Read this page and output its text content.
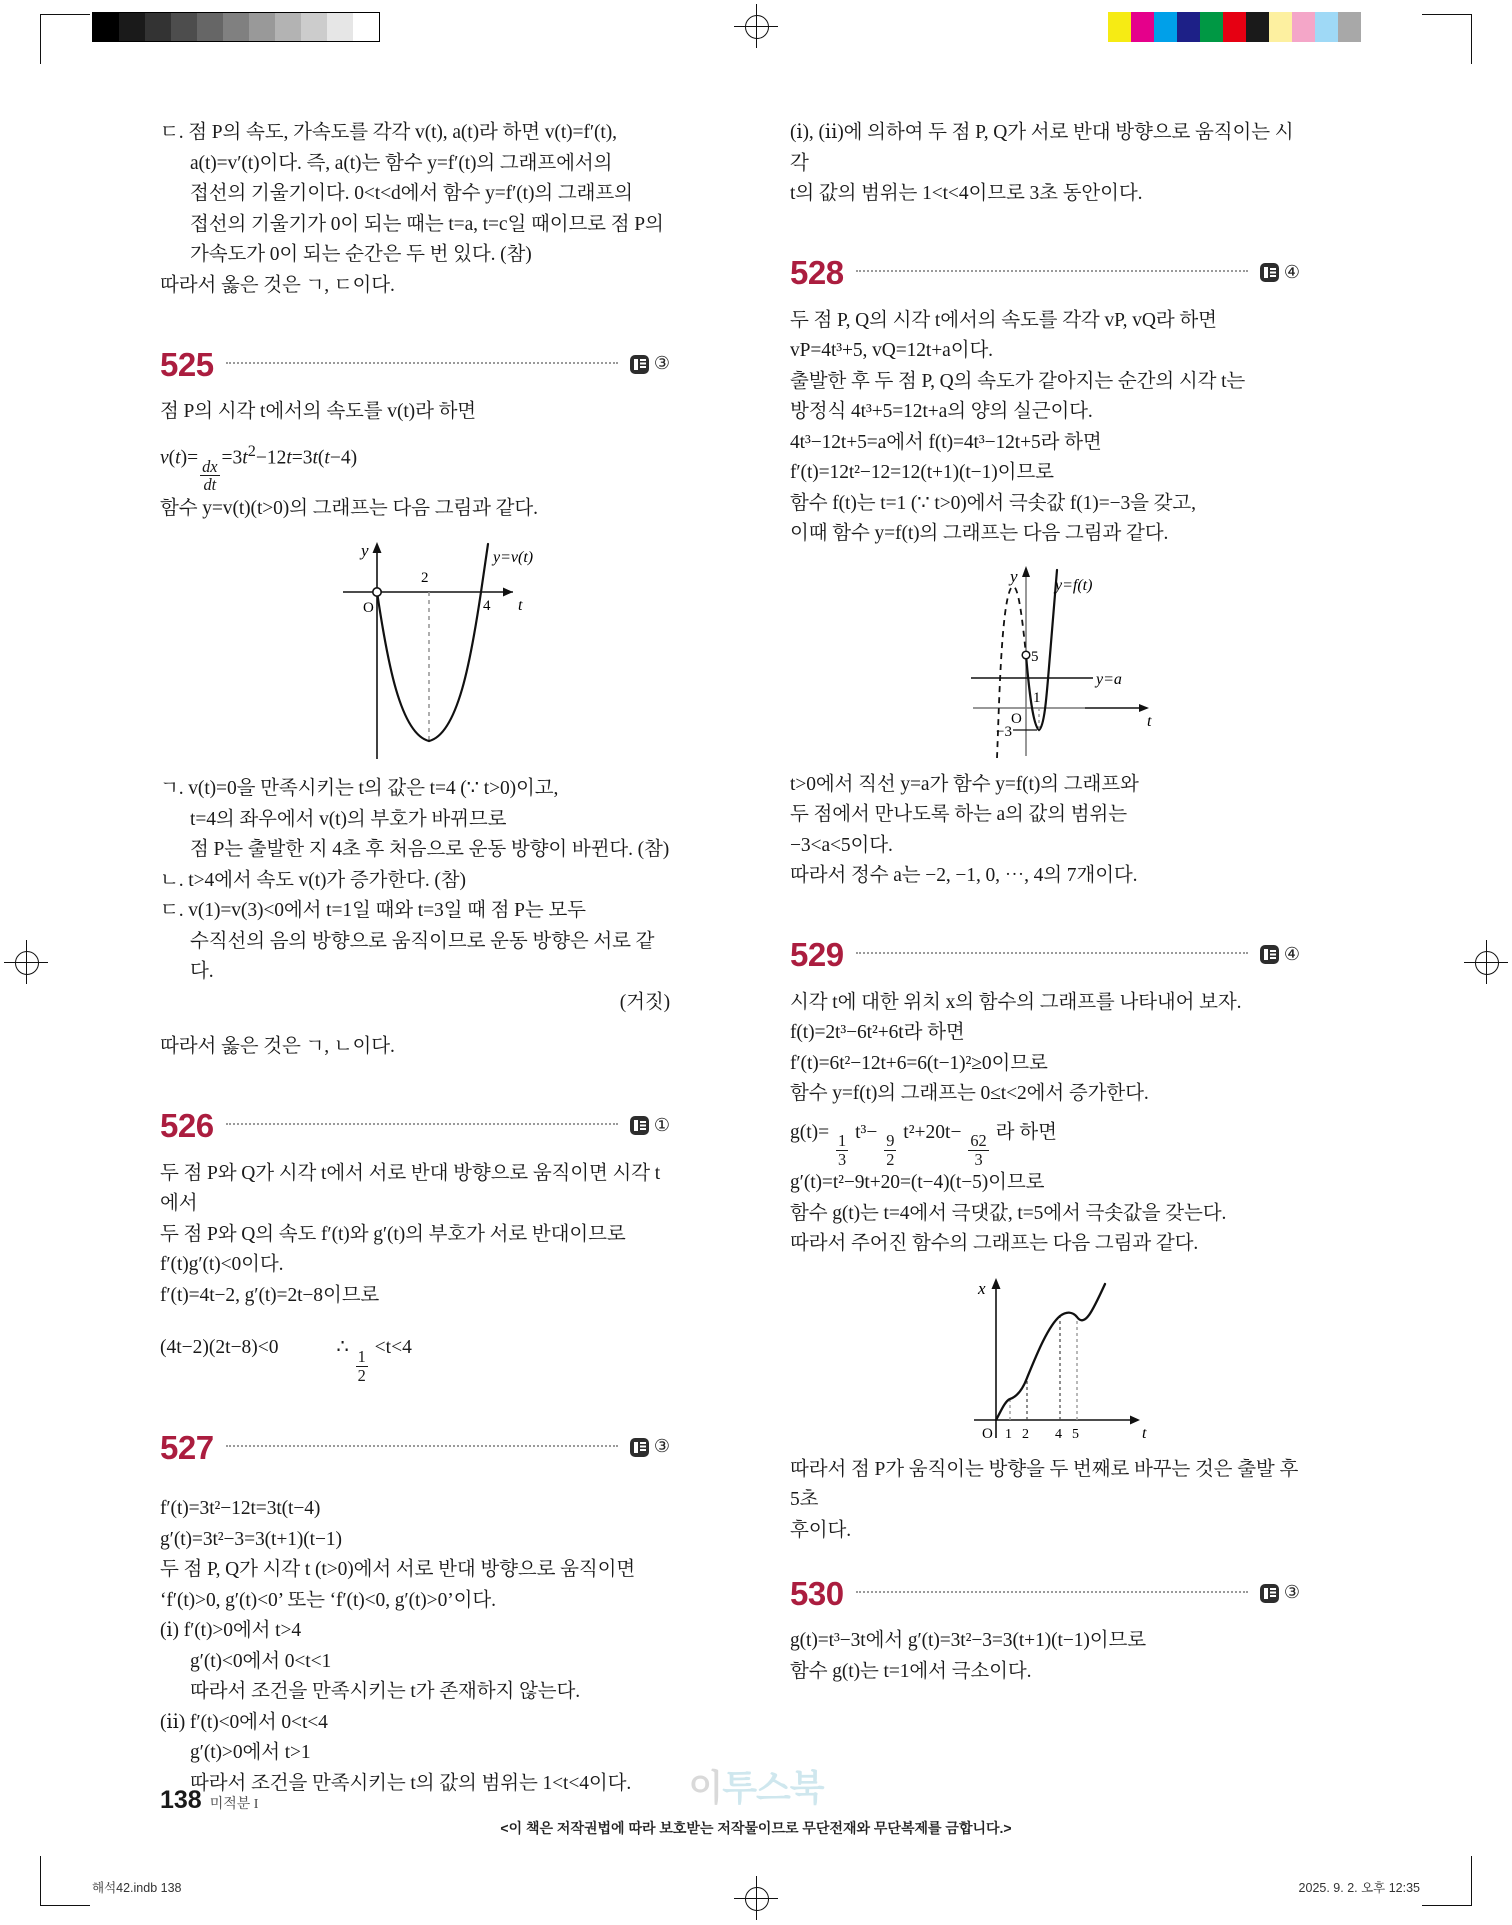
ㄷ. 점 P의 속도, 가속도를 각각 v(t), a(t)라 하면 v(t)=f′(t),
a(t)=v′(t)이다. 즉, a(t)는 함수 y=f′(t)의 그래프에서의
접선의 기울기이다. 0<t<d에서 함수 y=f′(t)의 그래프의
접선의 기울기가 0이 되는 때는 t=a, t=c일 때이므로 점 P의
가속도가 0이 되는 순간은 두 번 있다. (참)
따라서 옳은 것은 ㄱ, ㄷ이다.
525	③
점 P의 시각 t에서의 속도를 v(t)라 하면
v(t)=
$\frac{dx}{dt}$
$=3t^2-12t=3t(t-4)$
함수 y=v(t)(t>0)의 그래프는 다음 그림과 같다.
O
2
4 t
y	y=v(t)
ㄱ. v(t)=0을 만족시키는 t의 값은 t=4 (∵ t>0)이고,
t=4의 좌우에서 v(t)의 부호가 바뀌므로
점 P는 출발한 지 4초 후 처음으로 운동 방향이 바뀐다. (참)
ㄴ. t>4에서 속도 v(t)가 증가한다. (참)
ㄷ. v(1)=v(3)<0에서 t=1일 때와 t=3일 때 점 P는 모두
수직선의 음의 방향으로 움직이므로 운동 방향은 서로 같다.
(거짓)
따라서 옳은 것은 ㄱ, ㄴ이다.
526	①
두 점 P와 Q가 시각 t에서 서로 반대 방향으로 움직이면 시각 t에서
두 점 P와 Q의 속도 f′(t)와 g′(t)의 부호가 서로 반대이므로
f′(t)g′(t)<0이다.
f′(t)=4t−2, g′(t)=2t−8이므로
(4t−2)(2t−8)<0	∴
$\frac{1}{2}$
<t<4
527	③
f′(t)=3t²−12t=3t(t−4)
g′(t)=3t²−3=3(t+1)(t−1)
두 점 P, Q가 시각 t (t>0)에서 서로 반대 방향으로 움직이면
‘f′(t)>0, g′(t)<0’ 또는 ‘f′(t)<0, g′(t)>0’이다.
(ⅰ) f′(t)>0에서 t>4
g′(t)<0에서 0<t<1
따라서 조건을 만족시키는 t가 존재하지 않는다.
(ⅱ) f′(t)<0에서 0<t<4
g′(t)>0에서 t>1
따라서 조건을 만족시키는 t의 값의 범위는 1<t<4이다.
(ⅰ), (ⅱ)에 의하여 두 점 P, Q가 서로 반대 방향으로 움직이는 시각
t의 값의 범위는 1<t<4이므로 3초 동안이다.
528	④
두 점 P, Q의 시각 t에서의 속도를 각각 vP, vQ라 하면
vP=4t³+5, vQ=12t+a이다.
출발한 후 두 점 P, Q의 속도가 같아지는 순간의 시각 t는
방정식 4t³+5=12t+a의 양의 실근이다.
4t³−12t+5=a에서 f(t)=4t³−12t+5라 하면
f′(t)=12t²−12=12(t+1)(t−1)이므로
함수 f(t)는 t=1 (∵ t>0)에서 극솟값 f(1)=−3을 갖고,
이때 함수 y=f(t)의 그래프는 다음 그림과 같다.
5
1
−3

y=a
y=f(t)

O	t
y
t>0에서 직선 y=a가 함수 y=f(t)의 그래프와
두 점에서 만나도록 하는 a의 값의 범위는
−3<a<5이다.
따라서 정수 a는 −2, −1, 0, ⋯, 4의 7개이다.
529	④
시각 t에 대한 위치 x의 함수의 그래프를 나타내어 보자.
f(t)=2t³−6t²+6t라 하면
f′(t)=6t²−12t+6=6(t−1)²≥0이므로
함수 y=f(t)의 그래프는 0≤t<2에서 증가한다.
g(t)=
$\frac{1}{3}$
t³−
$\frac{9}{2}$
t²+20t−
$\frac{62}{3}$
라 하면
g′(t)=t²−9t+20=(t−4)(t−5)이므로
함수 g(t)는 t=4에서 극댓값, t=5에서 극솟값을 갖는다.
따라서 주어진 함수의 그래프는 다음 그림과 같다.
O 1 2 4 5	t
x
따라서 점 P가 움직이는 방향을 두 번째로 바꾸는 것은 출발 후 5초
후이다.
530	③
g(t)=t³−3t에서 g′(t)=3t²−3=3(t+1)(t−1)이므로
함수 g(t)는 t=1에서 극소이다.
138 미적분 I	이투스북
<이 책은 저작권법에 따라 보호받는 저작물이므로 무단전재와 무단복제를 금합니다.>
해석42.indb 138	2025. 9. 2. 오후 12:35
